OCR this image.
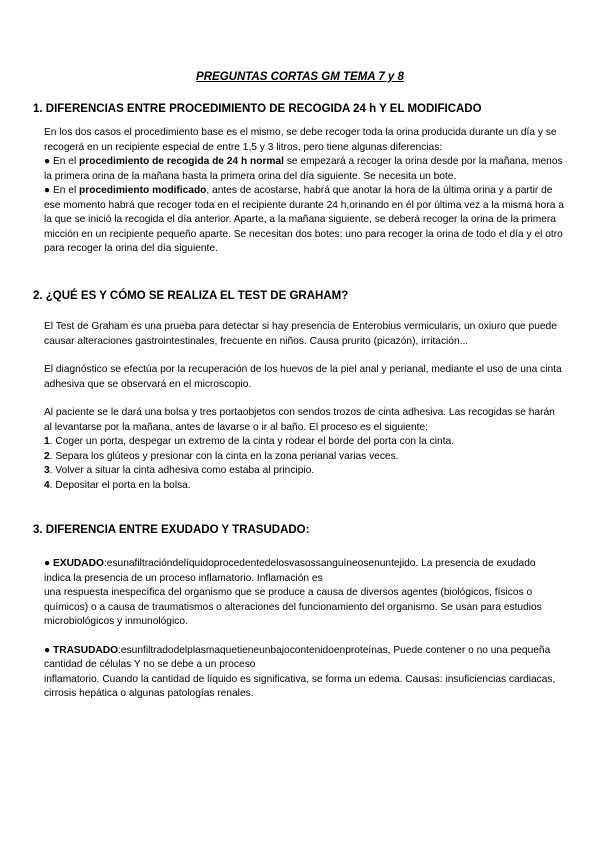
PREGUNTAS CORTAS GM TEMA 7 y 8
1. DIFERENCIAS ENTRE PROCEDIMIENTO DE RECOGIDA 24 h Y EL MODIFICADO

En los dos casos el procedimiento base es el mismo, se debe recoger toda la orina producida durante un día y se recogerá en un recipiente especial de entre 1,5 y 3 litros, pero tiene algunas diferencias:

● En el procedimiento de recogida de 24 h normal se empezará a recoger la orina desde por la mañana, menos la primera orina de la mañana hasta la primera orina del día siguiente. Se necesita un bote.

● En el procedimiento modificado, antes de acostarse, habrá que anotar la hora de la última orina y a partir de ese momento habrá que recoger toda en el recipiente durante 24 h,orinando en él por última vez a la misma hora a la que se inició la recogida el día anterior. Aparte, a la mañana siguiente, se deberá recoger la orina de la primera micción en un recipiente pequeño aparte. Se necesitan dos botes: uno para recoger la orina de todo el día y el otro para recoger la orina del día siguiente.

2. ¿QUÉ ES Y CÓMO SE REALIZA EL TEST DE GRAHAM?

El Test de Graham es una prueba para detectar si hay presencia de Enterobius vermicularis, un oxiuro que puede causar alteraciones gastrointestinales, frecuente en niños. Causa prurito (picazón), irritación...

El diagnóstico se efectúa por la recuperación de los huevos de la piel anal y perianal, mediante el uso de una cinta adhesiva que se observará en el microscopio.

Al paciente se le dará una bolsa y tres portaobjetos con sendos trozos de cinta adhesiva. Las recogidas se harán al levantarse por la mañana, antes de lavarse o ir al baño. El proceso es el siguiente:

1. Coger un porta, despegar un extremo de la cinta y rodear el borde del porta con la cinta.

2. Separa los glúteos y presionar con la cinta en la zona perianal varias veces.

3. Volver a situar la cinta adhesiva como estaba al principio.

4. Depositar el porta en la bolsa.

3. DIFERENCIA ENTRE EXUDADO Y TRASUDADO:

● EXUDADO:esunafiltracióndelíquidoprocedentedelosvasossanguíneosenuntejido. La presencia de exudado indica la presencia de un proceso inflamatorio. Inflamación es

una respuesta inespecífica del organismo que se produce a causa de diversos agentes (biológicos, físicos o químicos) o a causa de traumatismos o alteraciones del funcionamiento del organismo. Se usan para estudios microbiológicos y inmunológico.

● TRASUDADO:esunfiltradodelplasmaquetieneunbajocontenidoenproteínas, Puede contener o no una pequeña cantidad de células Y no se debe a un proceso

inflamatorio. Cuando la cantidad de líquido es significativa, se forma un edema. Causas: insuficiencias cardiacas, cirrosis hepática o algunas patologías renales.
